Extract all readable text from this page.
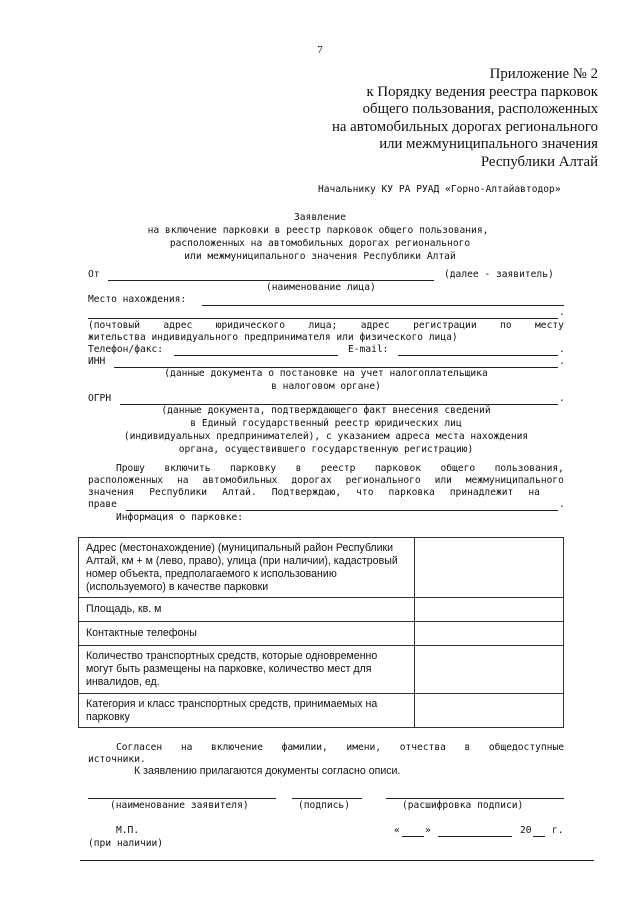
7
Приложение № 2
к Порядку ведения реестра парковок
общего пользования, расположенных
на автомобильных дорогах регионального
или межмуниципального значения
Республики Алтай
Начальнику КУ РА РУАД «Горно-Алтайавтодор»
Заявление
на включение парковки в реестр парковок общего пользования,
расположенных на автомобильных дорогах регионального
или межмуниципального значения Республики Алтай
От	(далее - заявитель)
(наименование лица)
Место нахождения:
.
(почтовый адрес юридического лица; адрес регистрации по месту
жительства индивидуального предпринимателя или физического лица)
Телефон/факс:	E-mail:	.
ИНН	.
(данные документа о постановке на учет налогоплательщика
в налоговом органе)
ОГРН	.
(данные документа, подтверждающего факт внесения сведений
в Единый государственный реестр юридических лиц
(индивидуальных предпринимателей), с указанием адреса места нахождения
органа, осуществившего государственную регистрацию)
Прошу включить парковку в реестр парковок общего пользования,
расположенных на автомобильных дорогах регионального или межмуниципального
значения Республики Алтай. Подтверждаю, что парковка принадлежит на
праве	.
Информация о парковке:
Адрес (местонахождение) (муниципальный район Республики Алтай, км + м (лево, право), улица (при наличии), кадастровый номер объекта, предполагаемого к использованию (используемого) в качестве парковки	
Площадь, кв. м	
Контактные телефоны	
Количество транспортных средств, которые одновременно могут быть размещены на парковке, количество мест для инвалидов, ед.	
Категория и класс транспортных средств, принимаемых на парковку	
Согласен на включение фамилии, имени, отчества в общедоступные
источники.
К заявлению прилагаются документы согласно описи.
(наименование заявителя)	(подпись)	(расшифровка подписи)
М.П.
(при наличии)
«	»	20 г.
